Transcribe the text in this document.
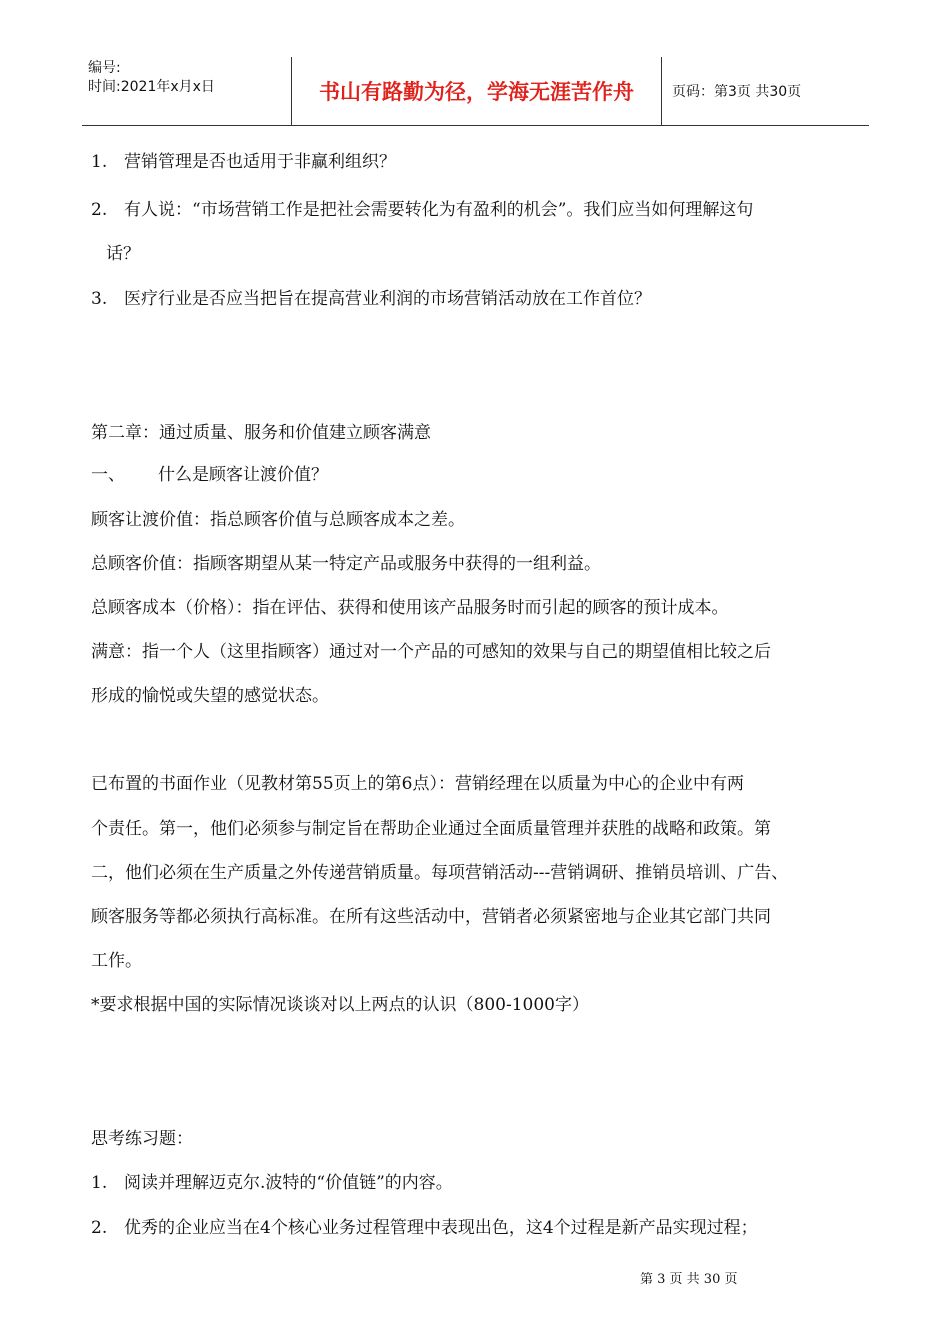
编号:
时间:2021年x月x日	书山有路勤为径，学海无涯苦作舟	页码：第3页 共30页
1. 营销管理是否也适用于非赢利组织？
2. 有人说：“市场营销工作是把社会需要转化为有盈利的机会”。我们应当如何理解这句
话？
3. 医疗行业是否应当把旨在提高营业利润的市场营销活动放在工作首位？
第二章：通过质量、服务和价值建立顾客满意
一、 什么是顾客让渡价值？
顾客让渡价值：指总顾客价值与总顾客成本之差。
总顾客价值：指顾客期望从某一特定产品或服务中获得的一组利益。
总顾客成本（价格）：指在评估、获得和使用该产品服务时而引起的顾客的预计成本。
满意：指一个人（这里指顾客）通过对一个产品的可感知的效果与自己的期望值相比较之后
形成的愉悦或失望的感觉状态。
已布置的书面作业（见教材第55页上的第6点）：营销经理在以质量为中心的企业中有两
个责任。第一，他们必须参与制定旨在帮助企业通过全面质量管理并获胜的战略和政策。第
二，他们必须在生产质量之外传递营销质量。每项营销活动---营销调研、推销员培训、广告、
顾客服务等都必须执行高标准。在所有这些活动中，营销者必须紧密地与企业其它部门共同
工作。
*要求根据中国的实际情况谈谈对以上两点的认识（800-1000字）
思考练习题：
1. 阅读并理解迈克尔.波特的“价值链”的内容。
2. 优秀的企业应当在4个核心业务过程管理中表现出色，这4个过程是新产品实现过程；
第 3 页 共 30 页
